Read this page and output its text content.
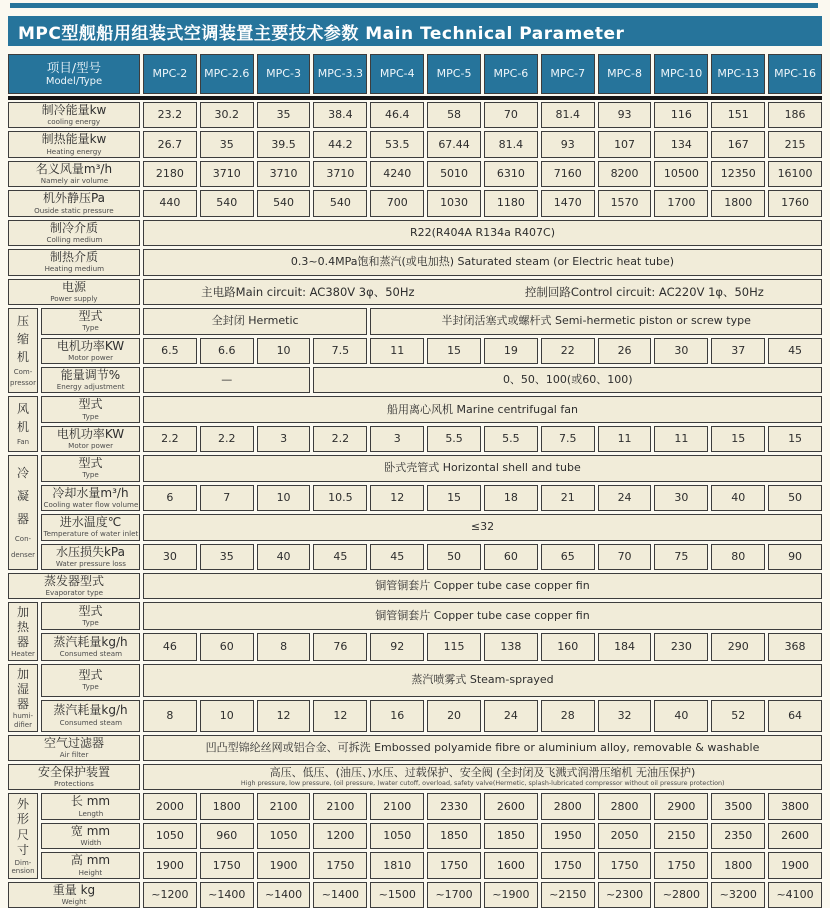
MPC型舰船用组装式空调装置主要技术参数 Main Technical Parameter
项目/型号
Model/Type
MPC-2 MPC-2.6 MPC-3 MPC-3.3 MPC-4 MPC-5 MPC-6 MPC-7 MPC-8 MPC-10 MPC-13 MPC-16
制冷能量kw
cooling energy
23.2	30.2	35	38.4	46.4	58	70	81.4	93	116	151	186
制热能量kw
Heating energy
26.7	35	39.5	44.2	53.5	67.44	81.4	93	107	134	167	215
名义风量m³/h
Namely air volume
2180	3710	3710	3710	4240	5010	6310	7160	8200 10500 12350 16100
机外静压Pa
Ouside static pressure
440	540	540	540	700	1030	1180	1470	1570	1700	1800	1760
制冷介质
Colling medium
R22(R404A R134a R407C)
制热介质
Heating medium
0.3~0.4MPa饱和蒸汽(或电加热) Saturated steam (or Electric heat tube)
电源
Power supply	主电路Main circuit: AC380V 3φ、50Hz	控制回路Control circuit: AC220V 1φ、50Hz
压
缩
机
Com-
pressor
型式
Type
全封闭 Hermetic	半封闭活塞式或螺杆式 Semi-hermetic piston or screw type
电机功率KW
Motor power
6.5	6.6	10	7.5	11	15	19	22	26	30	37	45
能量调节%
Energy adjustment
—	0、50、100(或60、100)
风
机
Fan
型式
Type
船用离心风机 Marine centrifugal fan
电机功率KW
Motor power
2.2	2.2	3	2.2	3	5.5	5.5	7.5	11	11	15	15
冷
凝
器
Con-
denser
型式
Type
卧式壳管式 Horizontal shell and tube
冷却水量m³/h
Cooling water flow volume
6	7	10	10.5	12	15	18	21	24	30	40	50
进水温度℃
Temperature of water inlet
≤32
水压损失kPa
Water pressure loss
30	35	40	45	45	50	60	65	70	75	80	90
蒸发器型式
Evaporator type
铜管铜套片 Copper tube case copper fin
加
热
器
Heater
型式
Type
铜管铜套片 Copper tube case copper fin
蒸汽耗量kg/h
Consumed steam
46	60	8	76	92	115	138	160	184	230	290	368
加
湿
器
humi-
difier
型式
Type
蒸汽喷雾式 Steam-sprayed
蒸汽耗量kg/h
Consumed steam
8	10	12	12	16	20	24	28	32	40	52	64
空气过滤器
Air filter
凹凸型锦纶丝网或铝合金、可拆洗 Embossed polyamide fibre or aluminium alloy, removable & washable
安全保护装置
Protections
高压、低压、(油压、)水压、过载保护、安全阀 (全封闭及飞溅式润滑压缩机 无油压保护)
High pressure, low pressure, (oil pressure, )water cutoff, overload, safety valve(Hermetic, splash-lubricated compressor without oil pressure protection)
外
形
尺
寸
Dim-
ension
长 mm
Length
2000	1800	2100	2100	2100	2330	2600	2800	2800	2900	3500	3800
宽 mm
Width
1050	960	1050	1200	1050	1850	1850	1950	2050	2150	2350	2600
高 mm
Height
1900	1750	1900	1750	1810	1750	1600	1750	1750	1750	1800	1900
重量 kg
Weight
~1200 ~1400 ~1400 ~1400 ~1500 ~1700 ~1900 ~2150 ~2300 ~2800 ~3200 ~4100
